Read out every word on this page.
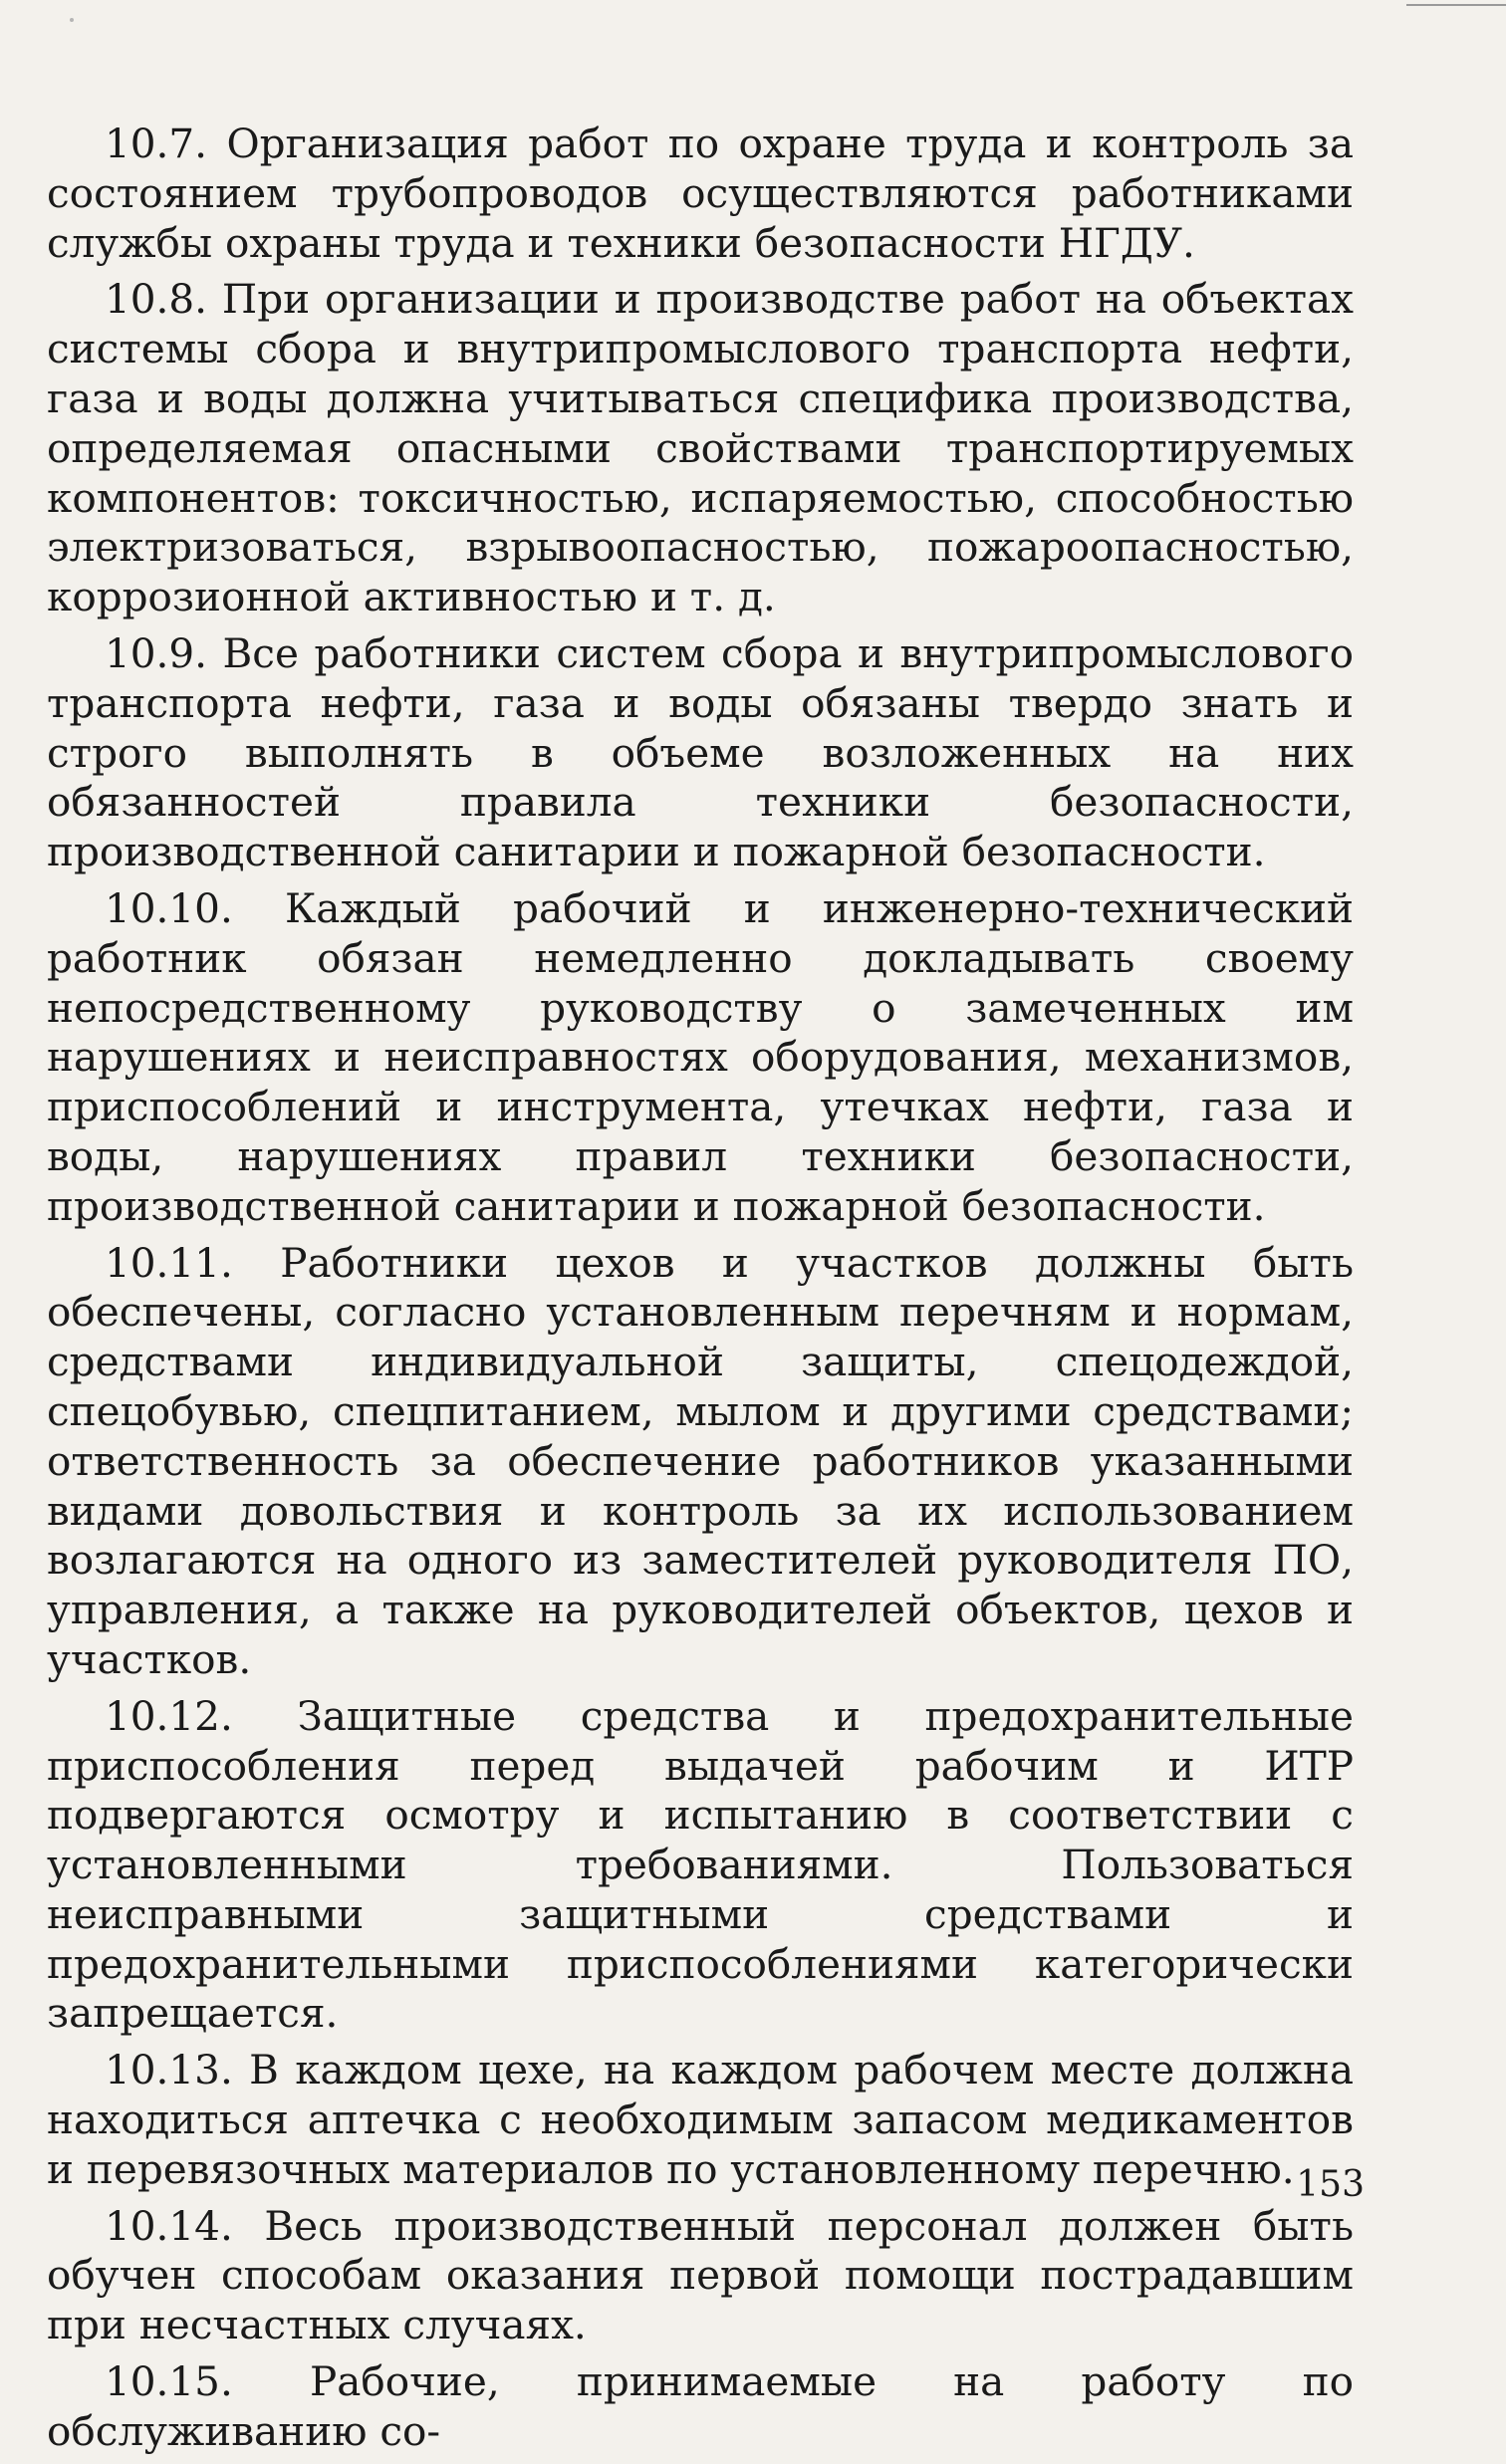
10.7. Организация работ по охране труда и контроль за состоянием трубопроводов осуществляются работниками службы охраны труда и техники безопасности НГДУ.

10.8. При организации и производстве работ на объектах системы сбора и внутрипромыслового транспорта нефти, газа и воды должна учитываться специфика производства, определяемая опасными свойствами транспортируемых компонентов: токсичностью, испаряемостью, способностью электризоваться, взрывоопасностью, пожароопасностью, коррозионной активностью и т. д.

10.9. Все работники систем сбора и внутрипромыслового транспорта нефти, газа и воды обязаны твердо знать и строго выполнять в объеме возложенных на них обязанностей правила техники безопасности, производственной санитарии и пожарной безопасности.

10.10. Каждый рабочий и инженерно-технический работник обязан немедленно докладывать своему непосредственному руководству о замеченных им нарушениях и неисправностях оборудования, механизмов, приспособлений и инструмента, утечках нефти, газа и воды, нарушениях правил техники безопасности, производственной санитарии и пожарной безопасности.

10.11. Работники цехов и участков должны быть обеспечены, согласно установленным перечням и нормам, средствами индивидуальной защиты, спецодеждой, спецобувью, спецпитанием, мылом и другими средствами; ответственность за обеспечение работников указанными видами довольствия и контроль за их использованием возлагаются на одного из заместителей руководителя ПО, управления, а также на руководителей объектов, цехов и участков.

10.12. Защитные средства и предохранительные приспособления перед выдачей рабочим и ИТР подвергаются осмотру и испытанию в соответствии с установленными требованиями. Пользоваться неисправными защитными средствами и предохранительными приспособлениями категорически запрещается.

10.13. В каждом цехе, на каждом рабочем месте должна находиться аптечка с необходимым запасом медикаментов и перевязочных материалов по установленному перечню.

10.14. Весь производственный персонал должен быть обучен способам оказания первой помощи пострадавшим при несчастных случаях.

10.15. Рабочие, принимаемые на работу по обслуживанию со-

153
